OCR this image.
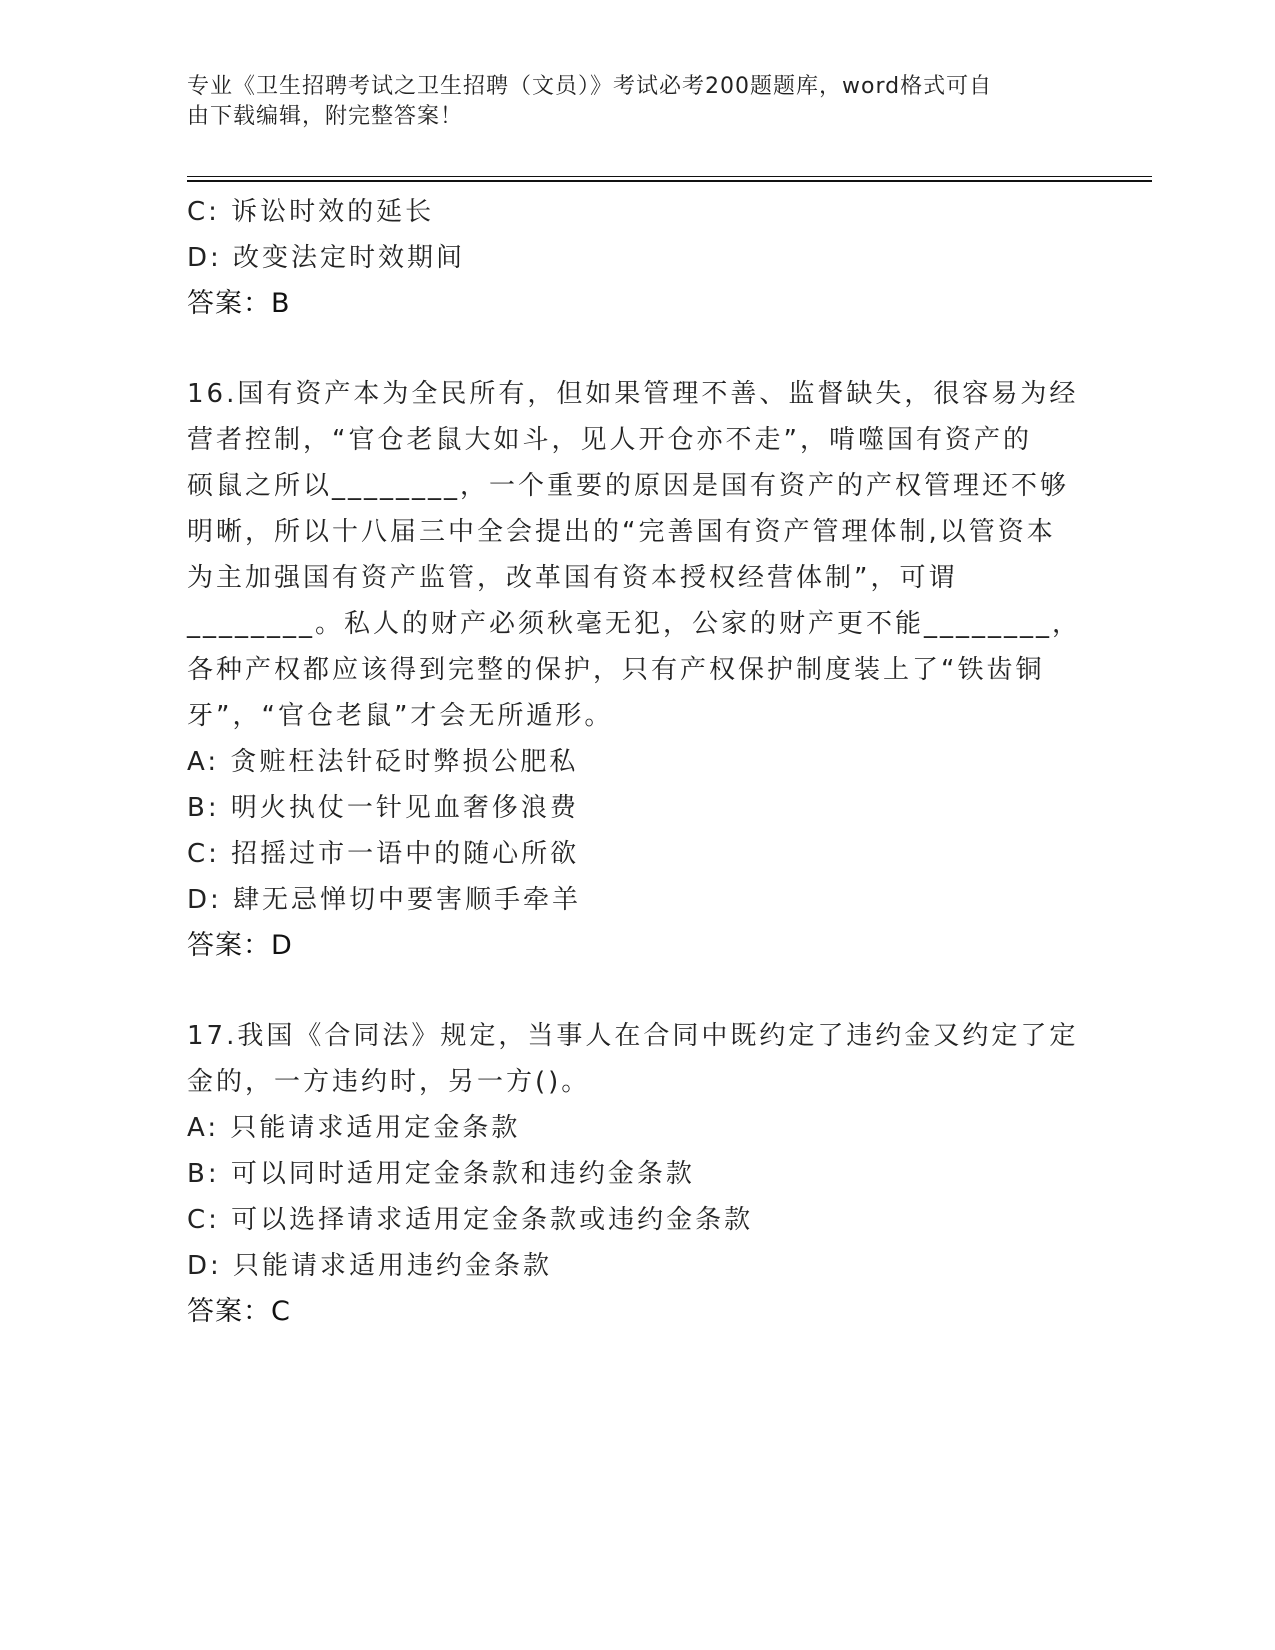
专业《卫生招聘考试之卫生招聘（文员）》考试必考200题题库，word格式可自
由下载编辑，附完整答案！
C: 诉讼时效的延长
D: 改变法定时效期间
答案：B
16.国有资产本为全民所有，但如果管理不善、监督缺失，很容易为经
营者控制，“官仓老鼠大如斗，见人开仓亦不走”，啃噬国有资产的
硕鼠之所以________，一个重要的原因是国有资产的产权管理还不够
明晰，所以十八届三中全会提出的“完善国有资产管理体制,以管资本
为主加强国有资产监管，改革国有资本授权经营体制”，可谓
________。私人的财产必须秋毫无犯，公家的财产更不能________，
各种产权都应该得到完整的保护，只有产权保护制度装上了“铁齿铜
牙”，“官仓老鼠”才会无所遁形。
A: 贪赃枉法针砭时弊损公肥私
B: 明火执仗一针见血奢侈浪费
C: 招摇过市一语中的随心所欲
D: 肆无忌惮切中要害顺手牵羊
答案：D
17.我国《合同法》规定，当事人在合同中既约定了违约金又约定了定
金的，一方违约时，另一方()。
A: 只能请求适用定金条款
B: 可以同时适用定金条款和违约金条款
C: 可以选择请求适用定金条款或违约金条款
D: 只能请求适用违约金条款
答案：C
